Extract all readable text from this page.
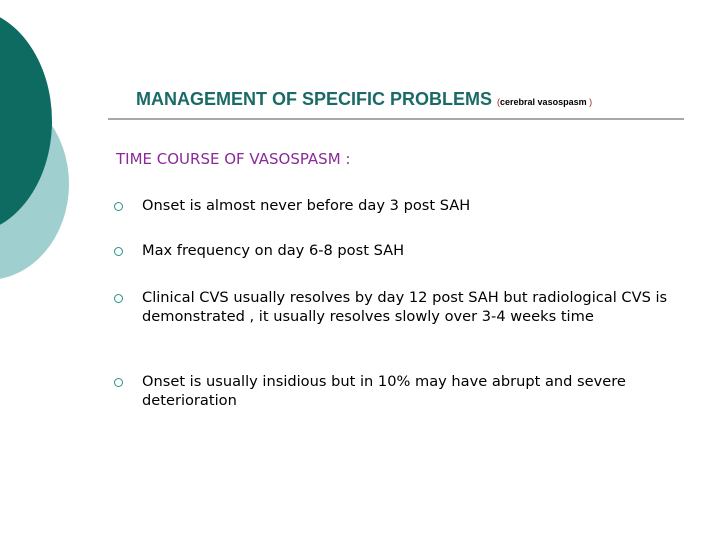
MANAGEMENT OF SPECIFIC PROBLEMS (cerebral vasospasm )
TIME COURSE OF VASOSPASM :
Onset is almost never before day 3 post SAH
Max frequency on day 6-8 post SAH
Clinical CVS usually resolves by day 12 post SAH but radiological CVS is demonstrated , it usually resolves slowly over 3-4 weeks time
Onset is usually insidious but in 10% may have abrupt and severe deterioration
